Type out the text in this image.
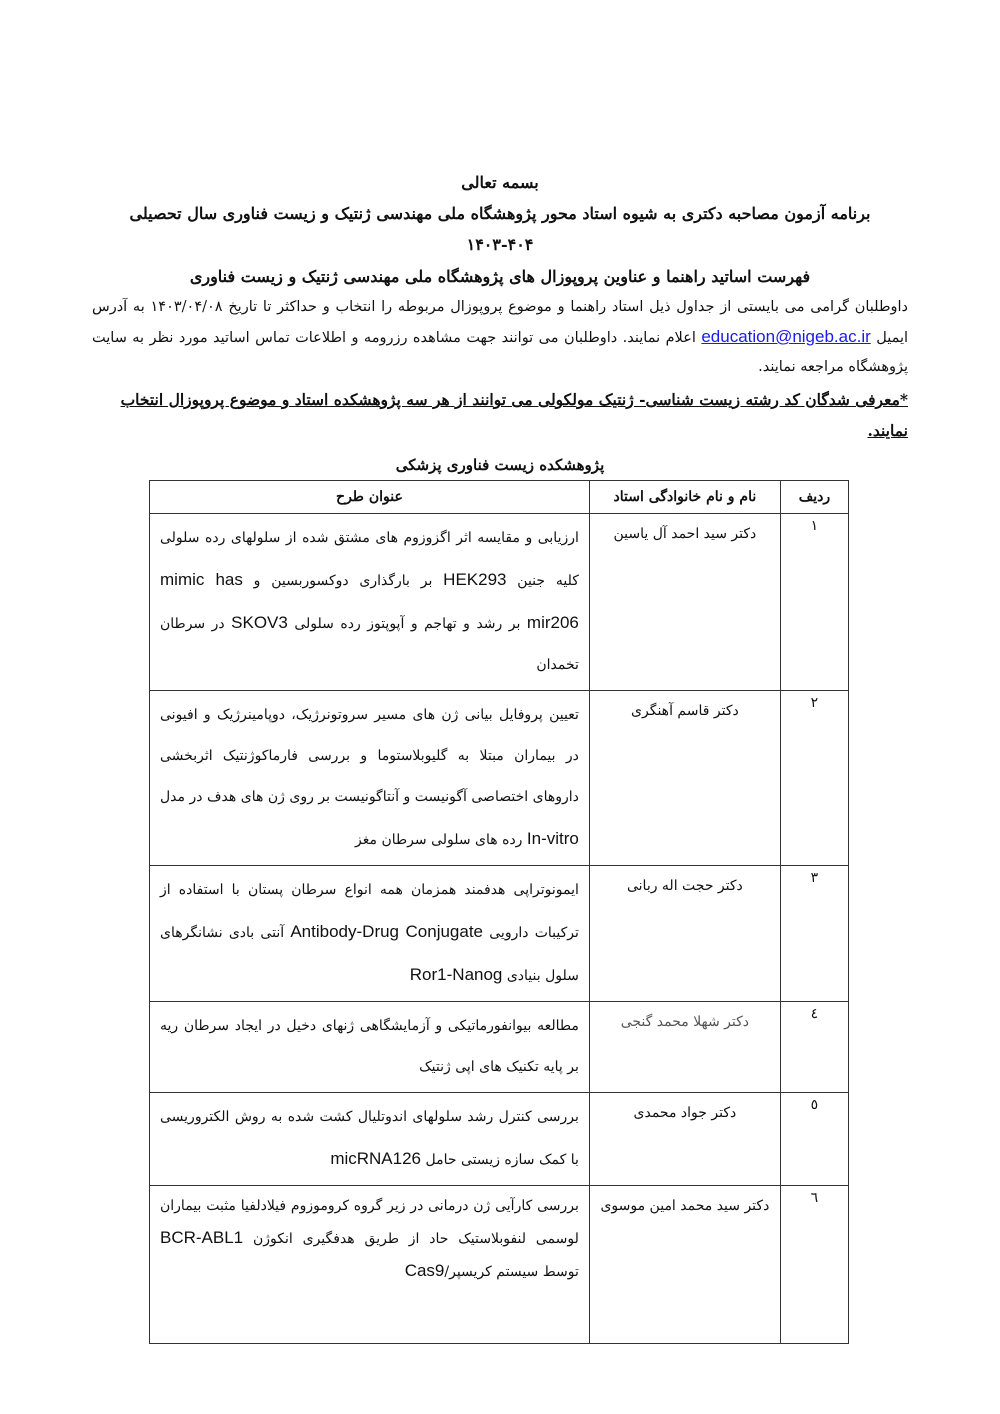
بسمه تعالی

برنامه آزمون مصاحبه دکتری به شیوه استاد محور پژوهشگاه ملی مهندسی ژنتیک و زیست فناوری سال تحصیلی

۱۴۰۳-۴۰۴

فهرست اساتید راهنما و عناوین پروپوزال های پژوهشگاه ملی مهندسی ژنتیک و زیست فناوری

داوطلبان گرامی می بایستی از جداول ذیل استاد راهنما و موضوع پروپوزال مربوطه را انتخاب و حداکثر تا تاریخ ۱۴۰۳/۰۴/۰۸ به آدرس ایمیل education@nigeb.ac.ir اعلام نمایند. داوطلبان می توانند جهت مشاهده رزرومه و اطلاعات تماس اساتید مورد نظر به سایت پژوهشگاه مراجعه نمایند.

*معرفی شدگان کد رشته زیست شناسی- ژنتیک مولکولی می توانند از هر سه پژوهشکده استاد و موضوع پروپوزال انتخاب نمایند.

پژوهشکده زیست فناوری پزشکی

ردیف	نام و نام خانوادگی استاد	عنوان طرح
۱	دکتر سید احمد آل یاسین	ارزیابی و مقایسه اثر اگزوزوم های مشتق شده از سلولهای رده سلولی کلیه جنین HEK293 بر بارگذاری دوکسوربسین و mimic has mir206 بر رشد و تهاجم و آپوپتوز رده سلولی SKOV3 در سرطان تخمدان
۲	دکتر قاسم آهنگری	تعیین پروفایل بیانی ژن های مسیر سروتونرژیک، دوپامینرژیک و افیونی در بیماران مبتلا به گلیوبلاستوما و بررسی فارماکوژنتیک اثربخشی داروهای اختصاصی آگونیست و آنتاگونیست بر روی ژن های هدف در مدل In-vitro رده های سلولی سرطان مغز
۳	دکتر حجت اله ربانی	ایمونوتراپی هدفمند همزمان همه انواع سرطان پستان با استفاده از ترکیبات دارویی Antibody-Drug Conjugate آنتی بادی نشانگرهای سلول بنیادی Ror1-Nanog
٤	دکتر شهلا محمد گنجی	مطالعه بیوانفورماتیکی و آزمایشگاهی ژنهای دخیل در ایجاد سرطان ریه بر پایه تکنیک های اپی ژنتیک
٥	دکتر جواد محمدی	بررسی کنترل رشد سلولهای اندوتلیال کشت شده به روش الکتروریسی با کمک سازه زیستی حامل micRNA126
٦	دکتر سید محمد امین موسوی	بررسی کارآیی ژن درمانی در زیر گروه کروموزوم فیلادلفیا مثبت بیماران لوسمی لنفوبلاستیک حاد از طریق هدفگیری انکوژن BCR-ABL1 توسط سیستم کریسپر/Cas9
